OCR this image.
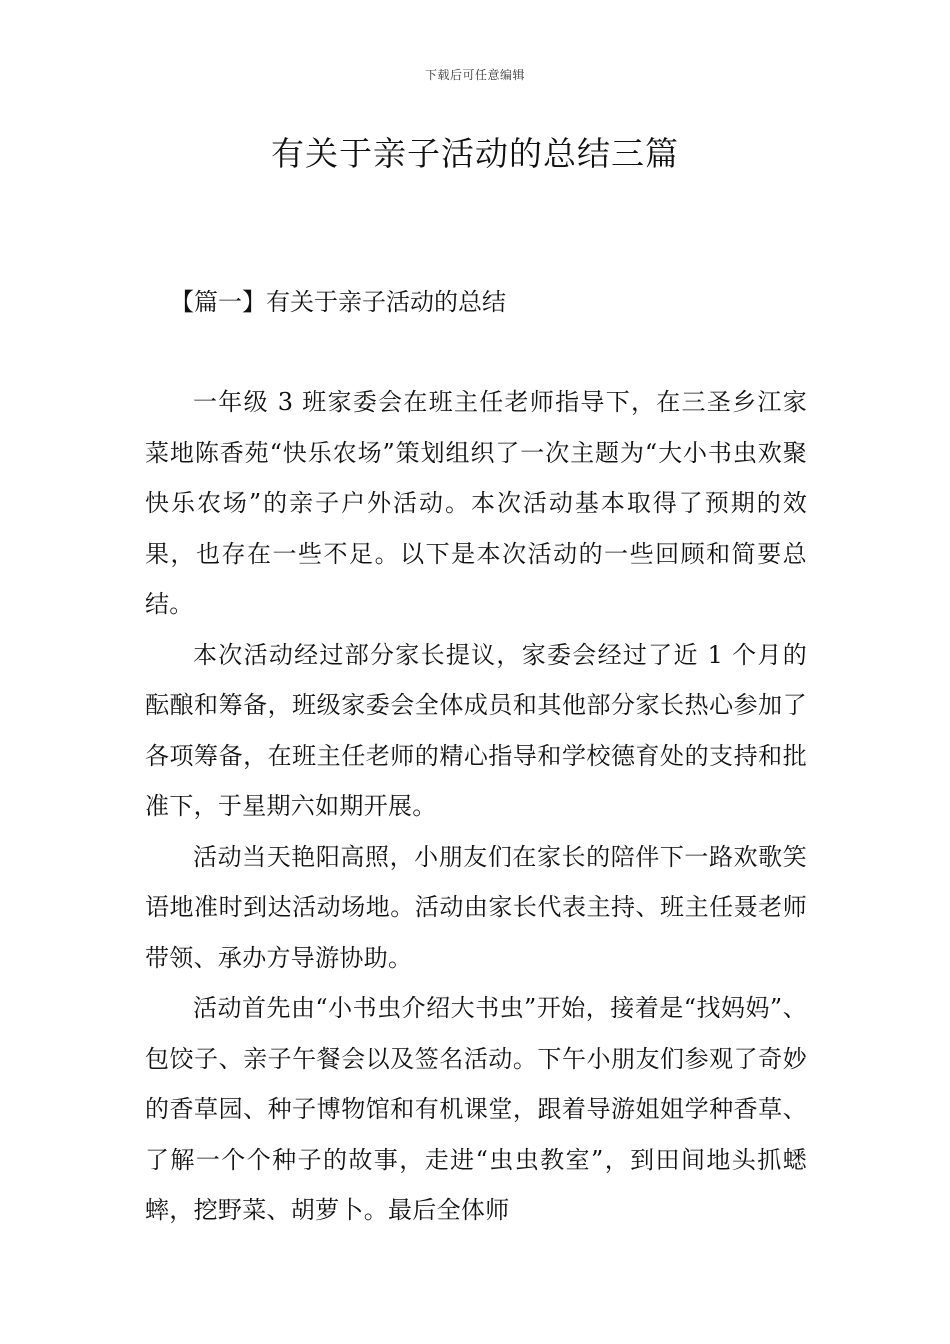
下载后可任意编辑
有关于亲子活动的总结三篇
【篇一】有关于亲子活动的总结

一年级 3 班家委会在班主任老师指导下，在三圣乡江家菜地陈香苑“快乐农场”策划组织了一次主题为“大小书虫欢聚快乐农场”的亲子户外活动。本次活动基本取得了预期的效果，也存在一些不足。以下是本次活动的一些回顾和简要总结。

本次活动经过部分家长提议，家委会经过了近 1 个月的酝酿和筹备，班级家委会全体成员和其他部分家长热心参加了各项筹备，在班主任老师的精心指导和学校德育处的支持和批准下，于星期六如期开展。

活动当天艳阳高照，小朋友们在家长的陪伴下一路欢歌笑语地准时到达活动场地。活动由家长代表主持、班主任聂老师带领、承办方导游协助。

活动首先由“小书虫介绍大书虫”开始，接着是“找妈妈”、包饺子、亲子午餐会以及签名活动。下午小朋友们参观了奇妙的香草园、种子博物馆和有机课堂，跟着导游姐姐学种香草、了解一个个种子的故事，走进“虫虫教室”，到田间地头抓蟋蟀，挖野菜、胡萝卜。最后全体师
